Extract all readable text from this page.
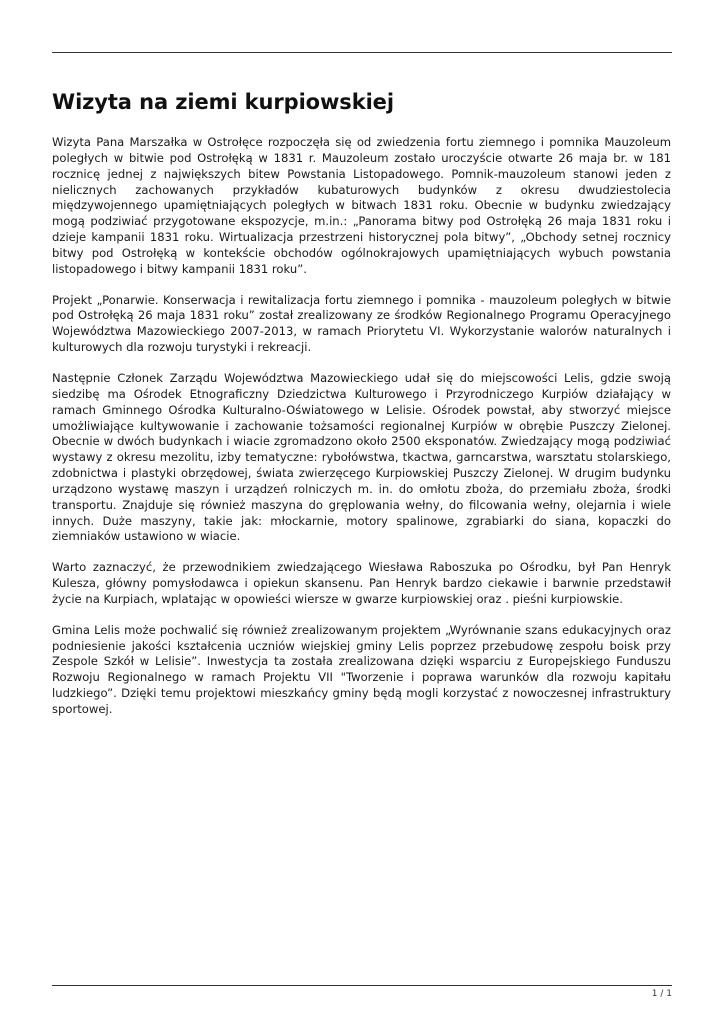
Wizyta na ziemi kurpiowskiej

Wizyta Pana Marszałka w Ostrołęce rozpoczęła się od zwiedzenia fortu ziemnego i pomnika Mauzoleum poległych w bitwie pod Ostrołęką w 1831 r. Mauzoleum zostało uroczyście otwarte 26 maja br. w 181 rocznicę jednej z największych bitew Powstania Listopadowego. Pomnik-mauzoleum stanowi jeden z nielicznych zachowanych przykładów kubaturowych budynków z okresu dwudziestolecia międzywojennego upamiętniających poległych w bitwach 1831 roku. Obecnie w budynku zwiedzający mogą podziwiać przygotowane ekspozycje, m.in.: „Panorama bitwy pod Ostrołęką 26 maja 1831 roku i dzieje kampanii 1831 roku. Wirtualizacja przestrzeni historycznej pola bitwy”, „Obchody setnej rocznicy bitwy pod Ostrołęką w kontekście obchodów ogólnokrajowych upamiętniających wybuch powstania listopadowego i bitwy kampanii 1831 roku”.

Projekt „Ponarwie. Konserwacja i rewitalizacja fortu ziemnego i pomnika - mauzoleum poległych w bitwie pod Ostrołęką 26 maja 1831 roku” został zrealizowany ze środków Regionalnego Programu Operacyjnego Województwa Mazowieckiego 2007-2013, w ramach Priorytetu VI. Wykorzystanie walorów naturalnych i kulturowych dla rozwoju turystyki i rekreacji.

Następnie Członek Zarządu Województwa Mazowieckiego udał się do miejscowości Lelis, gdzie swoją siedzibę ma Ośrodek Etnograficzny Dziedzictwa Kulturowego i Przyrodniczego Kurpiów działający w ramach Gminnego Ośrodka Kulturalno-Oświatowego w Lelisie. Ośrodek powstał, aby stworzyć miejsce umożliwiające kultywowanie i zachowanie tożsamości regionalnej Kurpiów w obrębie Puszczy Zielonej. Obecnie w dwóch budynkach i wiacie zgromadzono około 2500 eksponatów. Zwiedzający mogą podziwiać wystawy z okresu mezolitu, izby tematyczne: rybołówstwa, tkactwa, garncarstwa, warsztatu stolarskiego, zdobnictwa i plastyki obrzędowej, świata zwierzęcego Kurpiowskiej Puszczy Zielonej. W drugim budynku urządzono wystawę maszyn i urządzeń rolniczych m. in. do omłotu zboża, do przemiału zboża, środki transportu. Znajduje się również maszyna do gręplowania wełny, do filcowania wełny, olejarnia i wiele innych. Duże maszyny, takie jak: młockarnie, motory spalinowe, zgrabiarki do siana, kopaczki do ziemniaków ustawiono w wiacie.

Warto zaznaczyć, że przewodnikiem zwiedzającego Wiesława Raboszuka po Ośrodku, był Pan Henryk Kulesza, główny pomysłodawca i opiekun skansenu. Pan Henryk bardzo ciekawie i barwnie przedstawił życie na Kurpiach, wplatając w opowieści wiersze w gwarze kurpiowskiej oraz . pieśni kurpiowskie.

Gmina Lelis może pochwalić się również zrealizowanym projektem „Wyrównanie szans edukacyjnych oraz podniesienie jakości kształcenia uczniów wiejskiej gminy Lelis poprzez przebudowę zespołu boisk przy Zespole Szkół w Lelisie”. Inwestycja ta została zrealizowana dzięki wsparciu z Europejskiego Funduszu Rozwoju Regionalnego w ramach Projektu VII "Tworzenie i poprawa warunków dla rozwoju kapitału ludzkiego”. Dzięki temu projektowi mieszkańcy gminy będą mogli korzystać z nowoczesnej infrastruktury sportowej.

1 / 1
